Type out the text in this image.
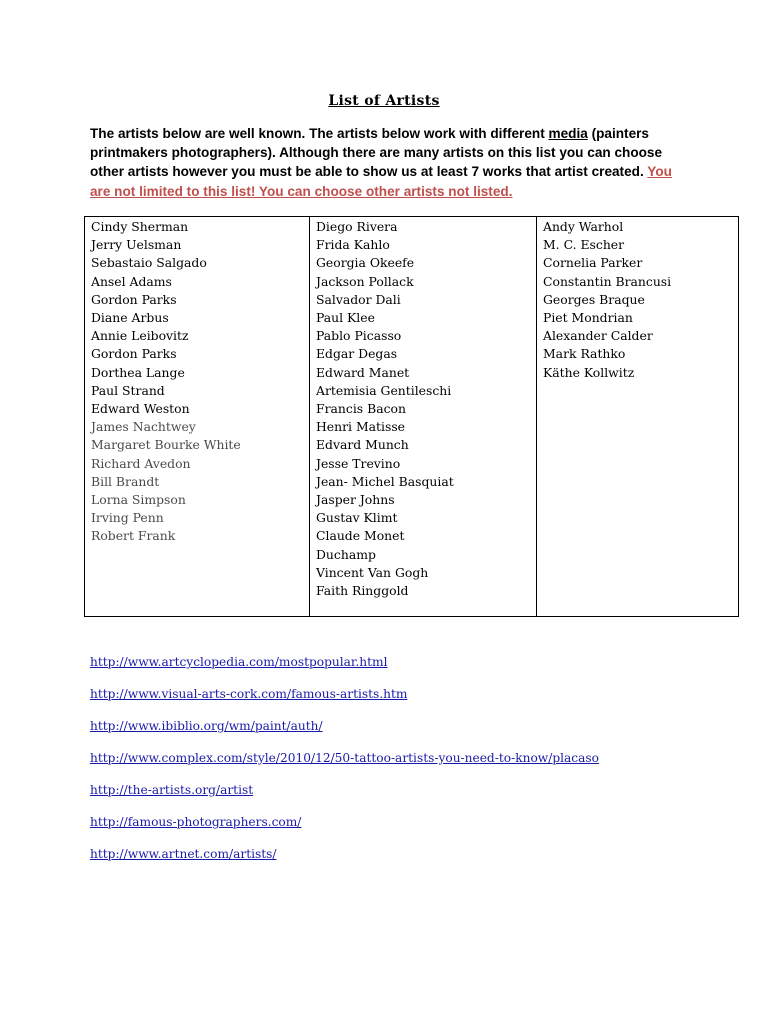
List of Artists

The artists below are well known. The artists below work with different media (painters printmakers photographers). Although there are many artists on this list you can choose other artists however you must be able to show us at least 7 works that artist created. You are not limited to this list! You can choose other artists not listed.

Cindy Sherman
Jerry Uelsman
Sebastaio Salgado
Ansel Adams
Gordon Parks
Diane Arbus
Annie Leibovitz
Gordon Parks
Dorthea Lange
Paul Strand
Edward Weston
James Nachtwey
Margaret Bourke White
Richard Avedon
Bill Brandt
Lorna Simpson
Irving Penn
Robert Frank

Diego Rivera
Frida Kahlo
Georgia Okeefe
Jackson Pollack
Salvador Dali
Paul Klee
Pablo Picasso
Edgar Degas
Edward Manet
Artemisia Gentileschi
Francis Bacon
Henri Matisse
Edvard Munch
Jesse Trevino
Jean- Michel Basquiat
Jasper Johns
Gustav Klimt
Claude Monet
Duchamp
Vincent Van Gogh
Faith Ringgold

Andy Warhol
M. C. Escher
Cornelia Parker
Constantin Brancusi
Georges Braque
Piet Mondrian
Alexander Calder
Mark Rathko
Käthe Kollwitz
http://www.artcyclopedia.com/mostpopular.html
http://www.visual-arts-cork.com/famous-artists.htm
http://www.ibiblio.org/wm/paint/auth/
http://www.complex.com/style/2010/12/50-tattoo-artists-you-need-to-know/placaso
http://the-artists.org/artist
http://famous-photographers.com/
http://www.artnet.com/artists/
